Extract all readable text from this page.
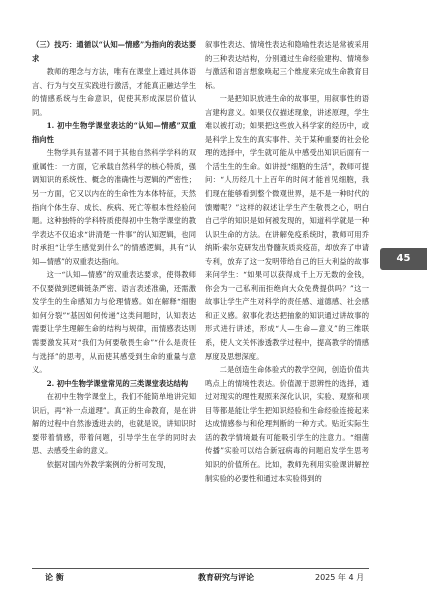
（三）技巧：通循以“认知—情感”为指向的表达要求

教师的理念与方法，唯有在课堂上通过具体语言、行为与交互实践进行激活，才能真正融达学生的情感系统与生命意识，促使其形成深层价值认同。

1. 初中生物学课堂表达的“认知—情感”双重指向性

生物学具有显著不同于其他自然科学学科的双重属性：一方面，它承载自然科学的核心特质，强调知识的系统性、概念的准确性与逻辑的严密性；另一方面，它又以内在的生命性为本体特征，天然指向个体生存、成长、疾病、死亡等根本性经验问题。这种独特的学科特质使得初中生物学课堂的教学表达不仅追求“讲清楚一件事”的认知逻辑，也同时承担“让学生感觉到什么”的情感逻辑，具有“认知—情感”的双重表达指向。

这一“认知—情感”的双重表达要求，使得教师不仅要做到逻辑链条严密、语言表述准确，还需激发学生的生命感知力与伦理情感。如在解释“细胞如何分裂”“基因如何传递”这类问题时，认知表达需要让学生理解生命的结构与规律，而情感表达则需要激发其对“我们为何要敬畏生命”“什么是责任与选择”的思考，从而使其感受到生命的重量与意义。

2. 初中生物学课堂常见的三类课堂表达结构

在初中生物学课堂上，我们不能简单地讲完知识后，再“补一点道理”。真正的生命教育，是在讲解的过程中自然渗透进去的，也就是说，讲知识时要带着情感，带着问题，引导学生在学的同时去思、去感受生命的意义。

依据对国内外教学案例的分析可发现，

叙事性表达、情境性表达和隐喻性表达是常被采用的三种表达结构，分别通过生命经验建构、情境参与激活和语言想象唤起三个维度来完成生命教育目标。

一是把知识放进生命的故事里，用叙事性的语言建构意义。如果仅仅描述现象，讲述原理，学生难以被打动；如果把这些放入科学家的经历中，或是科学上发生的真实事件、关于某种重要的社会伦理的选择中，学生就可能从中感受出知识后面有一个活生生的生命。如讲授“细胞的生活”，教师可提问：“人历经几十上百年的时间才能首见细胞，我们现在能够看到整个微观世界，是不是一种时代的馈赠呢？”这样的叙述让学生产生敬畏之心，明白自己学的知识是如何被发现的，知道科学就是一种认识生命的方法。在讲解免疫系统时，教师可用乔纳斯·索尔克研发出脊髓灰质炎疫苗，却放弃了申请专利，放弃了这一发明带给自己的巨大利益的故事来问学生：“如果可以获得成千上万无数的金钱，你会为一己私利而拒绝向大众免费提供吗？”这一故事让学生产生对科学的责任感、道德感、社会感和正义感。叙事化表达把抽象的知识通过讲故事的形式进行讲述，形成“人—生命—意义”的三维联系，使人文关怀渗透教学过程中，提高教学的情感厚度及思想深度。

二是创造生命体验式的教学空间，创造价值共鸣点上的情境性表达。价值源于思辨性的选择，通过对现实的理性观照来深化认识，实验、观察和项目等都是能让学生把知识经验和生命经验连接起来达成情感参与和伦理判断的一种方式。贴近实际生活的教学情境最有可能吸引学生的注意力。“细菌传播”实验可以结合新冠病毒的问题启发学生思考知识的价值所在。比如，教师先利用实验课讲解控制实验的必要性和通过本实验得到的

45
论 衡	教育研究与评论	2025 年 4 月
